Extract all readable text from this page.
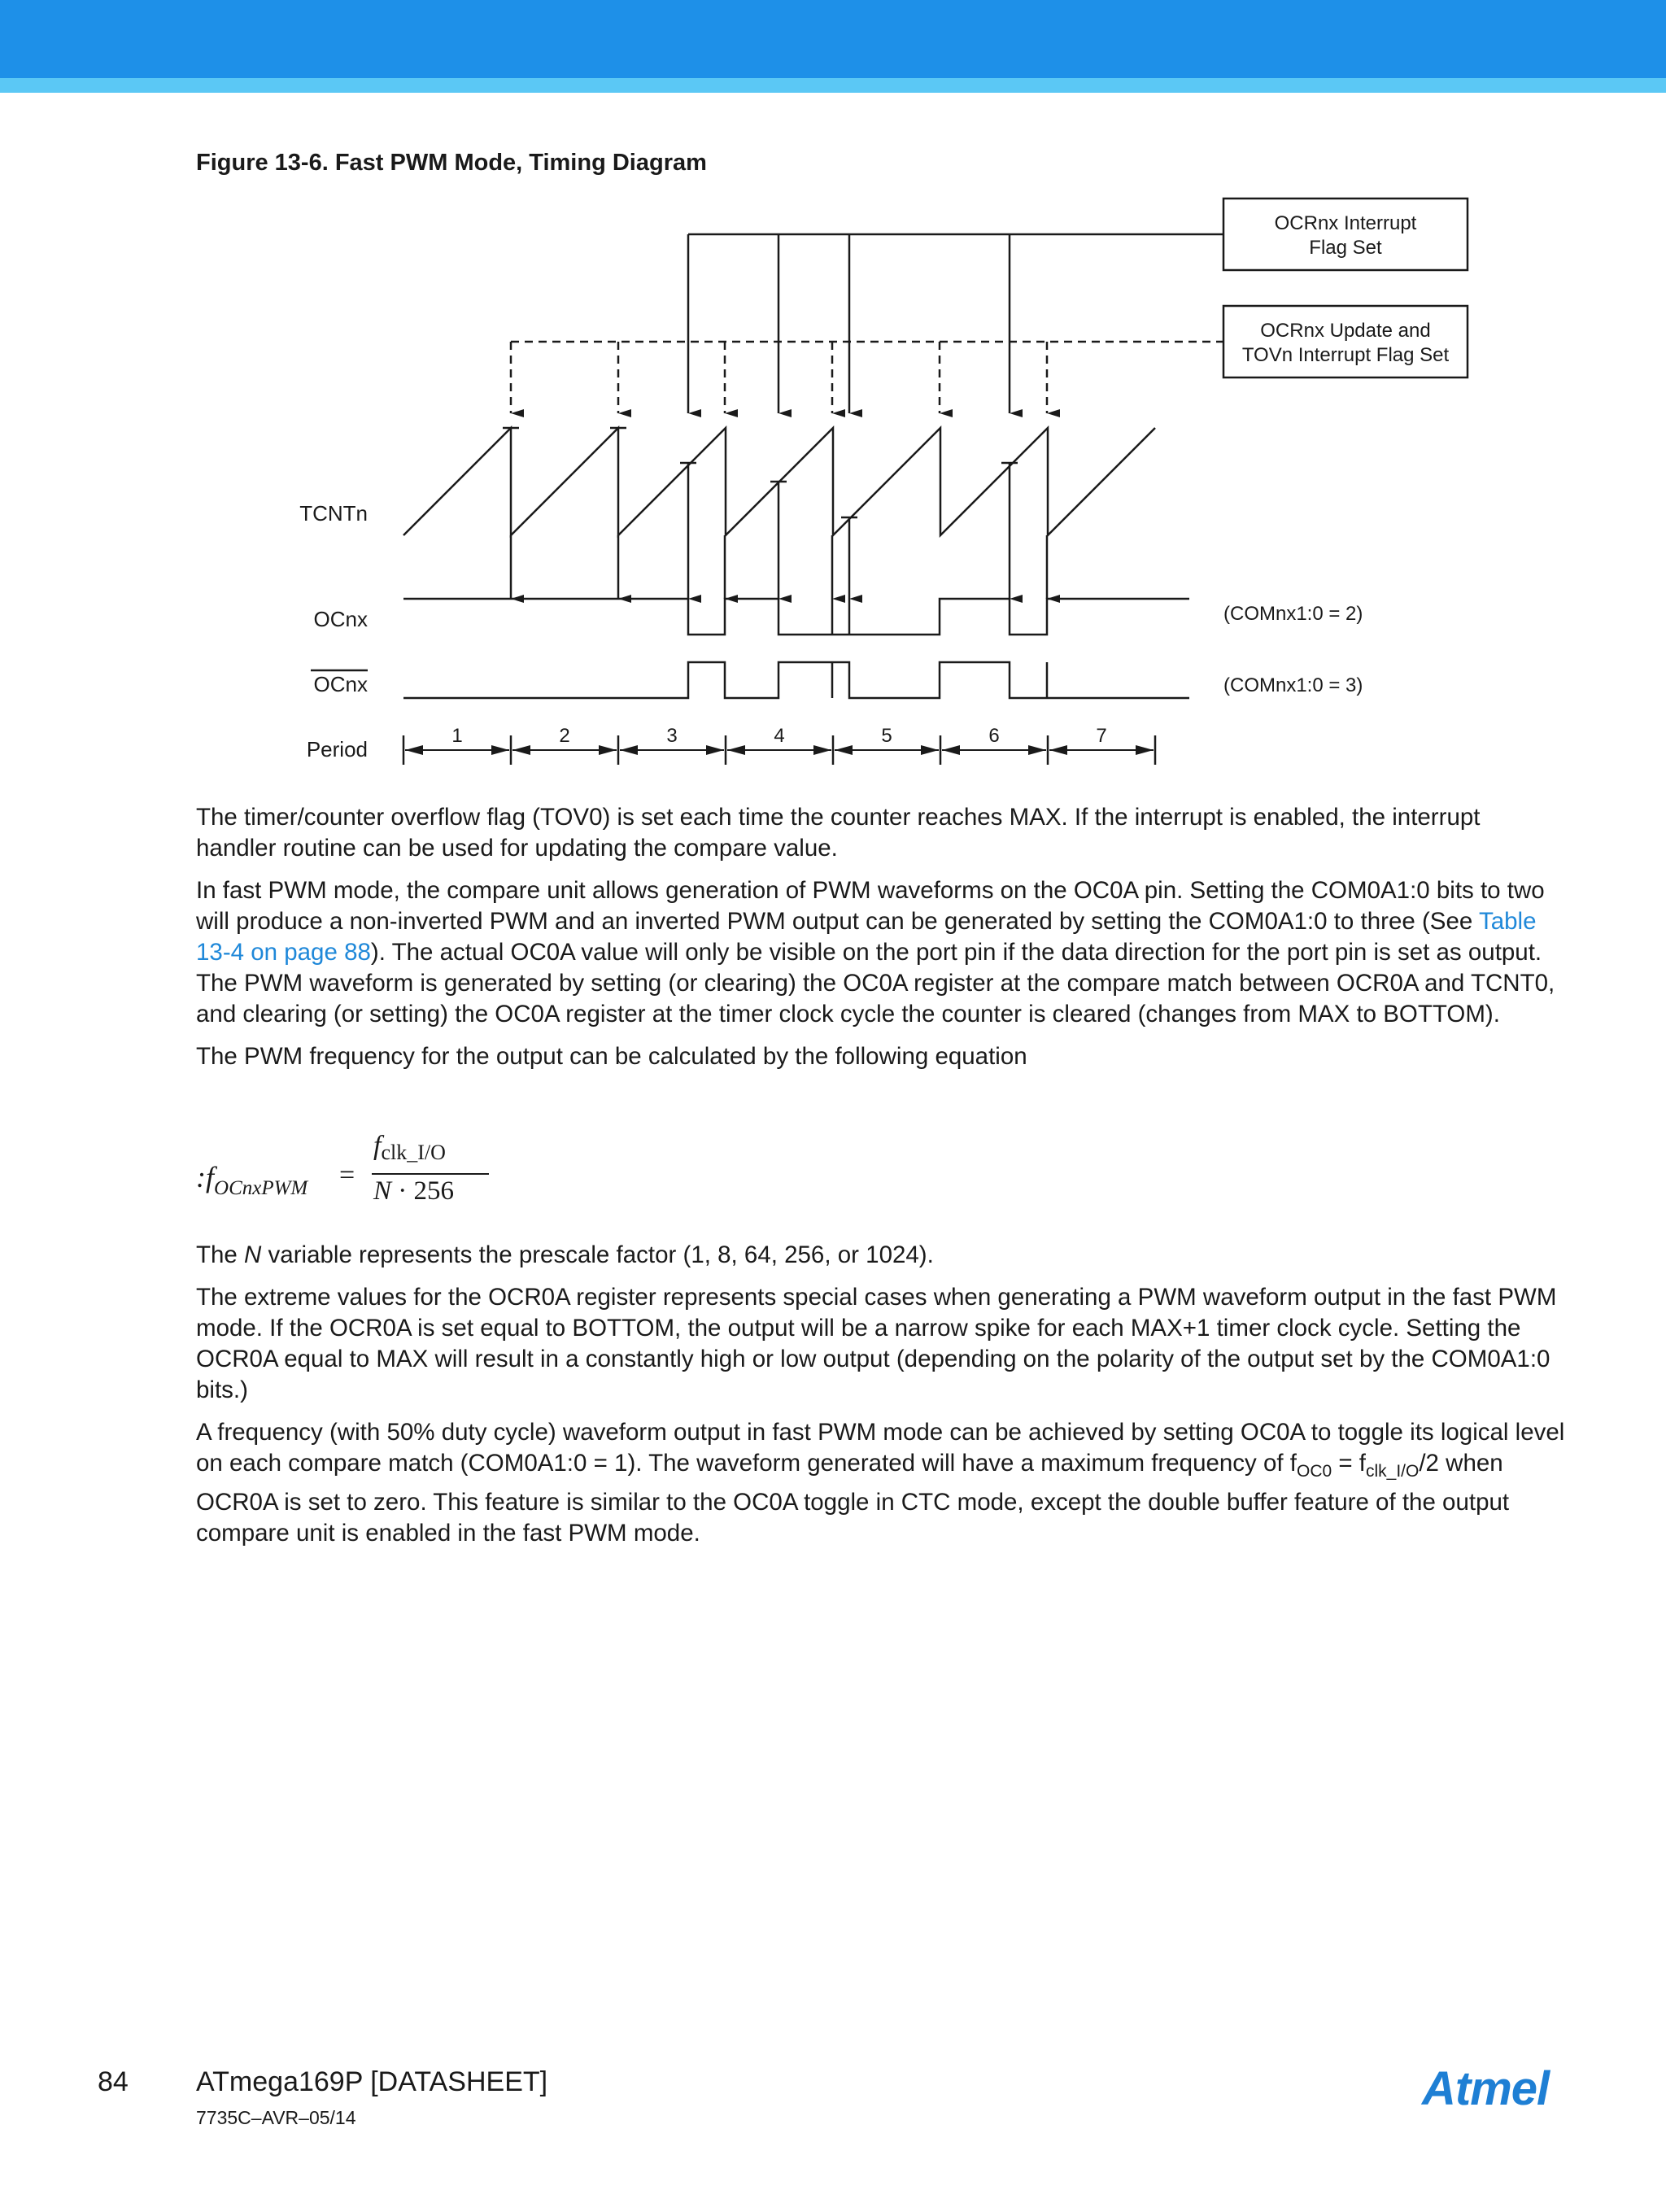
Figure 13-6. Fast PWM Mode, Timing Diagram
OCRnx Interrupt
Flag Set
OCRnx Update and
TOVn Interrupt Flag Set
TCNTn
OCnx
OCnx
Period
(COMnx1:0 = 2)
(COMnx1:0 = 3)
1	2	3	4	5	6	7

The timer/counter overflow flag (TOV0) is set each time the counter reaches MAX. If the interrupt is enabled, the interrupt handler routine can be used for updating the compare value.

In fast PWM mode, the compare unit allows generation of PWM waveforms on the OC0A pin. Setting the COM0A1:0 bits to two will produce a non-inverted PWM and an inverted PWM output can be generated by setting the COM0A1:0 to three (See Table 13-4 on page 88). The actual OC0A value will only be visible on the port pin if the data direction for the port pin is set as output. The PWM waveform is generated by setting (or clearing) the OC0A register at the compare match between OCR0A and TCNT0, and clearing (or setting) the OC0A register at the timer clock cycle the counter is cleared (changes from MAX to BOTTOM).

The PWM frequency for the output can be calculated by the following equation

$:f_{OCnxPWM}$ =
$f_{clk\_I/O}$
N · 256

The N variable represents the prescale factor (1, 8, 64, 256, or 1024).

The extreme values for the OCR0A register represents special cases when generating a PWM waveform output in the fast PWM mode. If the OCR0A is set equal to BOTTOM, the output will be a narrow spike for each MAX+1 timer clock cycle. Setting the OCR0A equal to MAX will result in a constantly high or low output (depending on the polarity of the output set by the COM0A1:0 bits.)

A frequency (with 50% duty cycle) waveform output in fast PWM mode can be achieved by setting OC0A to toggle its logical level on each compare match (COM0A1:0 = 1). The waveform generated will have a maximum frequency of $f_{OC0} = f_{clk\_I/O}/2$ when OCR0A is set to zero. This feature is similar to the OC0A toggle in CTC mode, except the double buffer feature of the output compare unit is enabled in the fast PWM mode.

84 ATmega169P [DATASHEET]
7735C–AVR–05/14
Atmel
